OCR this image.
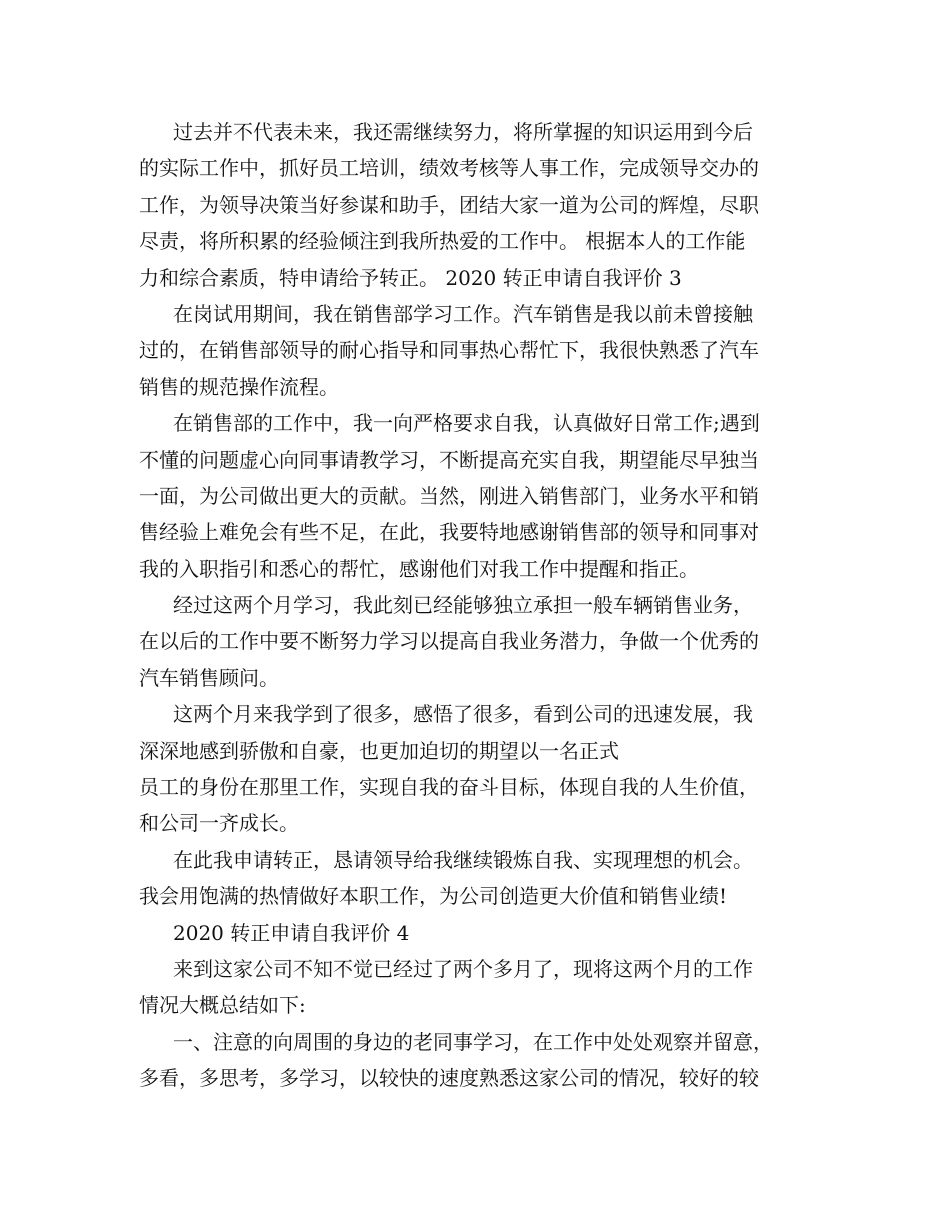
过去并不代表未来，我还需继续努力，将所掌握的知识运用到今后
的实际工作中，抓好员工培训，绩效考核等人事工作，完成领导交办的
工作，为领导决策当好参谋和助手，团结大家一道为公司的辉煌，尽职
尽责，将所积累的经验倾注到我所热爱的工作中。 根据本人的工作能
力和综合素质，特申请给予转正。 2020 转正申请自我评价 3
在岗试用期间，我在销售部学习工作。汽车销售是我以前未曾接触
过的，在销售部领导的耐心指导和同事热心帮忙下，我很快熟悉了汽车
销售的规范操作流程。
在销售部的工作中，我一向严格要求自我，认真做好日常工作;遇到
不懂的问题虚心向同事请教学习，不断提高充实自我，期望能尽早独当
一面，为公司做出更大的贡献。当然，刚进入销售部门，业务水平和销
售经验上难免会有些不足，在此，我要特地感谢销售部的领导和同事对
我的入职指引和悉心的帮忙，感谢他们对我工作中提醒和指正。
经过这两个月学习，我此刻已经能够独立承担一般车辆销售业务，
在以后的工作中要不断努力学习以提高自我业务潜力，争做一个优秀的
汽车销售顾问。
这两个月来我学到了很多，感悟了很多，看到公司的迅速发展，我
深深地感到骄傲和自豪，也更加迫切的期望以一名正式
员工的身份在那里工作，实现自我的奋斗目标，体现自我的人生价值，
和公司一齐成长。
在此我申请转正，恳请领导给我继续锻炼自我、实现理想的机会。
我会用饱满的热情做好本职工作，为公司创造更大价值和销售业绩!
2020 转正申请自我评价 4
来到这家公司不知不觉已经过了两个多月了，现将这两个月的工作
情况大概总结如下:
一、注意的向周围的身边的老同事学习，在工作中处处观察并留意，
多看，多思考，多学习，以较快的速度熟悉这家公司的情况，较好的较
